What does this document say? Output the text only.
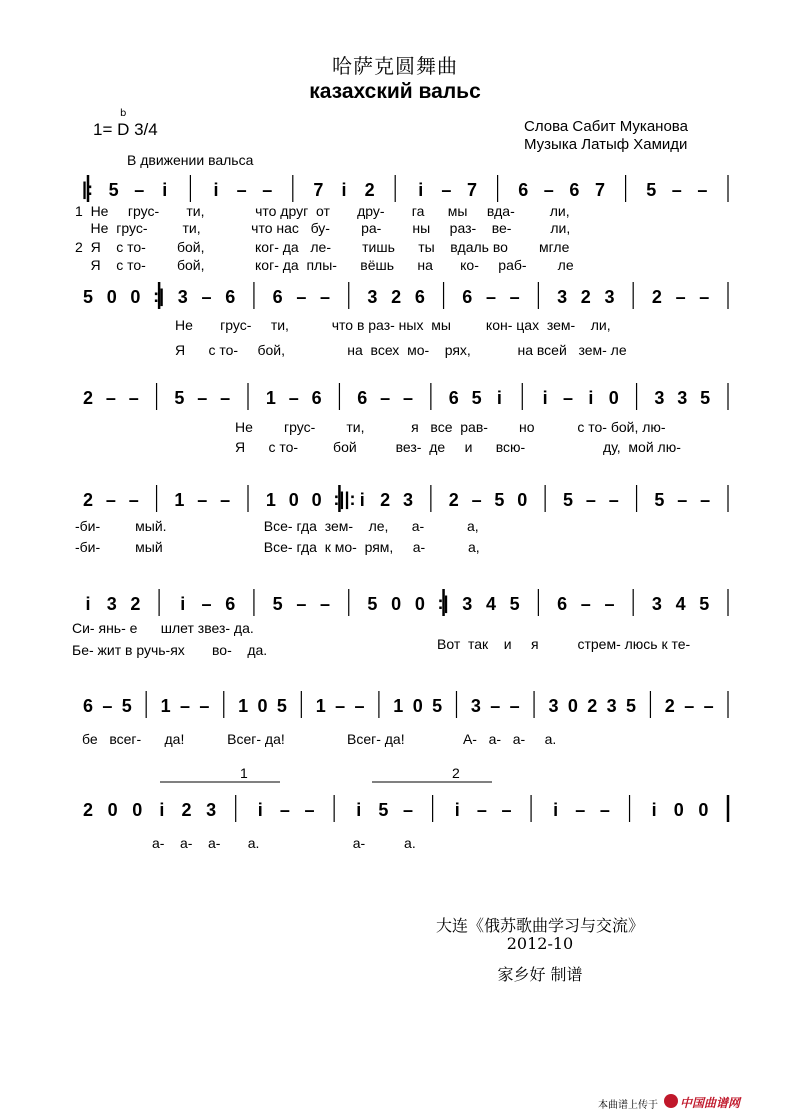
哈萨克圆舞曲
казахский вальс
b
1= D 3/4
В движении вальса
Слова Сабит Муканова
Музыка Латыф Хамиди
|: 5 – i	i – – 7 i 2 i – 7 6 – 6 7 5 – –
1  Не     грус-       ти,             что друг  от       дру-       га      мы     вда-         ли,
Не  грус-         ти,             что нас   бу-        ра-        ны     раз-    ве-          ли,
2  Я    с то-        бой,             ког- да   ле-        тишь      ты    вдаль во        мгле
Я    с то-        бой,             ког- да  плы-      вёшь      на       ко-     раб-        ле
5 0 0 :| 3 – 6 6 – – 3 2 6 6 – – 3 2 3 2 – –
Не       грус-     ти,           что в раз- ных  мы         кон- цах  зем-    ли,
Я      с то-     бой,                на  всех  мо-    рях,            на всей   зем- ле
2 – – 5 – – 1 – 6 6 – – 6 5 i i – i 0 3 3 5
Не        грус-        ти,            я   все  рав-        но           с то- бой, лю-
Я      с то-         бой          вез-  де     и      всю-                    ду,  мой лю-
2 – – 1 – – 1 0 0 :||: i 2 3 2 – 5 0 5 – – 5 – –
-би-         мый.                         Все- гда  зем-    ле,      а-           а,
-би-         мый                          Все- гда  к мо-  рям,     а-           а,
i 3 2 i – 6 5 – – 5 0 0 :| 3 4 5 6 – – 3 4 5
Си- янь- е      шлет звез- да.
Бе- жит в ручь-ях       во-    да.	Вот  так    и     я          стрем- люсь к те-
6 – 5 1 – – 1 0 5 1 – – 1 0 5 3 – – 3 0 2 3 5 2 – –
бе   всег-      да!           Всег- да!                Всег- да!               А-   а-   а-     а.
2 0 0 i 2 3 i – – i 5 – i – – i – – i 0 0
а-    а-    а-       а.                        а-          а.
1	2
大连《俄苏歌曲学习与交流》
2012-10
家乡好 制谱
本曲谱上传于 中国曲谱网
